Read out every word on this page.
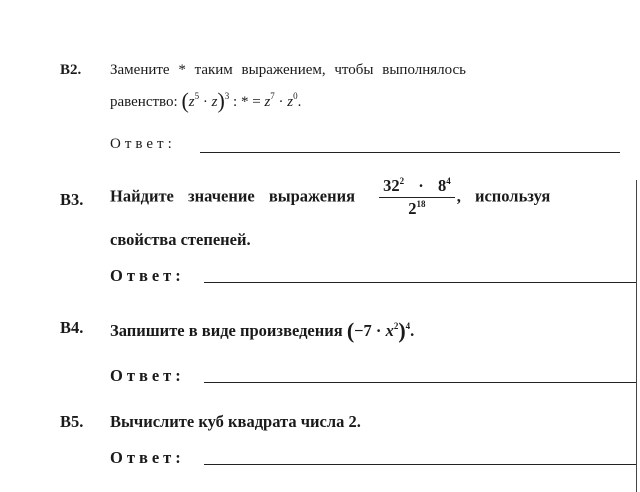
B2. Замените * таким выражением, чтобы выполнялось
равенство: $(z^5 \cdot z)^3$ : * = $z^7 \cdot z^0$.
Ответ:
B3. Найдите значение выражения $\frac{32^2 \cdot 8^4}{2^{18}}$ , используя
свойства степеней.
Ответ:
B4. Запишите в виде произведения $(-7 \cdot x^2)^4$.
Ответ:
B5. Вычислите куб квадрата числа 2.
Ответ:
